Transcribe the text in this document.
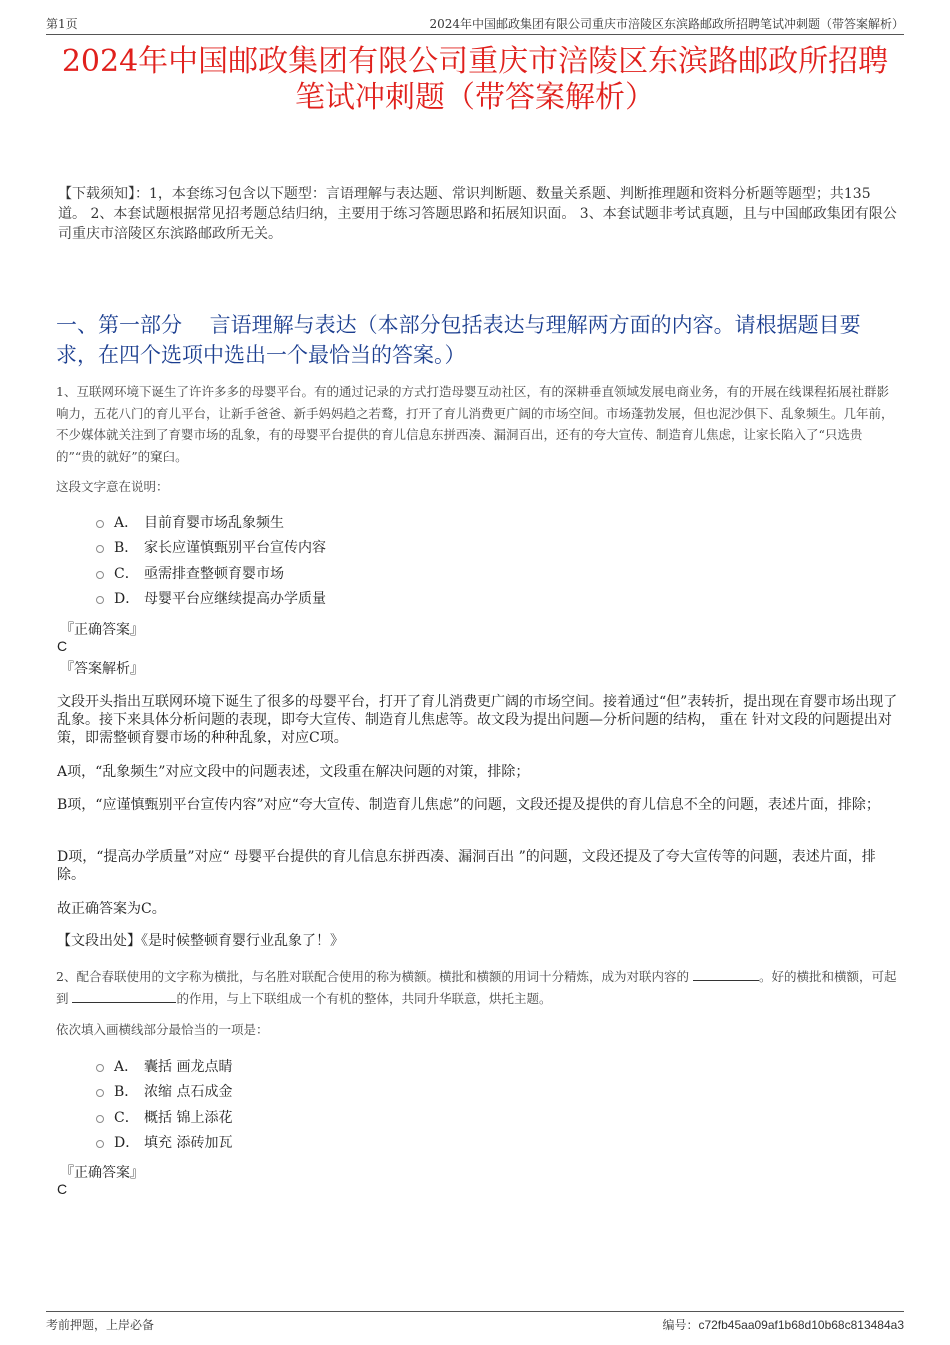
第1页	2024年中国邮政集团有限公司重庆市涪陵区东滨路邮政所招聘笔试冲刺题（带答案解析）
2024年中国邮政集团有限公司重庆市涪陵区东滨路邮政所招聘
笔试冲刺题（带答案解析）
【下载须知】：1，本套练习包含以下题型：言语理解与表达题、常识判断题、数量关系题、判断推理题和资料分析题等题型；共135道。 2、本套试题根据常见招考题总结归纳，主要用于练习答题思路和拓展知识面。 3、本套试题非考试真题，且与中国邮政集团有限公司重庆市涪陵区东滨路邮政所无关。
一、第一部分　 言语理解与表达（本部分包括表达与理解两方面的内容。请根据题目要求，在四个选项中选出一个最恰当的答案。）
1、互联网环境下诞生了许许多多的母婴平台。有的通过记录的方式打造母婴互动社区，有的深耕垂直领域发展电商业务，有的开展在线课程拓展社群影响力，五花八门的育儿平台，让新手爸爸、新手妈妈趋之若鹜，打开了育儿消费更广阔的市场空间。市场蓬勃发展，但也泥沙俱下、乱象频生。几年前，不少媒体就关注到了育婴市场的乱象，有的母婴平台提供的育儿信息东拼西凑、漏洞百出，还有的夸大宣传、制造育儿焦虑，让家长陷入了“只选贵的”“贵的就好”的窠臼。
这段文字意在说明：
A． 目前育婴市场乱象频生
B． 家长应谨慎甄别平台宣传内容
C． 亟需排查整顿育婴市场
D． 母婴平台应继续提高办学质量
『正确答案』
C
『答案解析』
文段开头指出互联网环境下诞生了很多的母婴平台，打开了育儿消费更广阔的市场空间。接着通过“但”表转折，提出现在育婴市场出现了乱象。接下来具体分析问题的表现，即夸大宣传、制造育儿焦虑等。故文段为提出问题—分析问题的结构， 重在 针对文段的问题提出对策，即需整顿育婴市场的种种乱象，对应C项。
A项，“乱象频生”对应文段中的问题表述，文段重在解决问题的对策，排除；
B项，“应谨慎甄别平台宣传内容”对应“夸大宣传、制造育儿焦虑”的问题，文段还提及提供的育儿信息不全的问题，表述片面，排除；
D项，“提高办学质量”对应“ 母婴平台提供的育儿信息东拼西凑、漏洞百出 ”的问题，文段还提及了夸大宣传等的问题，表述片面，排除。
故正确答案为C。
【文段出处】《是时候整顿育婴行业乱象了！》
2、配合春联使用的文字称为横批，与名胜对联配合使用的称为横额。横批和横额的用词十分精炼，成为对联内容的	。好的横批和横额，可起到	的作用，与上下联组成一个有机的整体，共同升华联意，烘托主题。
依次填入画横线部分最恰当的一项是：
A． 囊括 画龙点睛
B． 浓缩 点石成金
C． 概括 锦上添花
D． 填充 添砖加瓦
『正确答案』
C
考前押题，上岸必备	编号：c72fb45aa09af1b68d10b68c813484a3
